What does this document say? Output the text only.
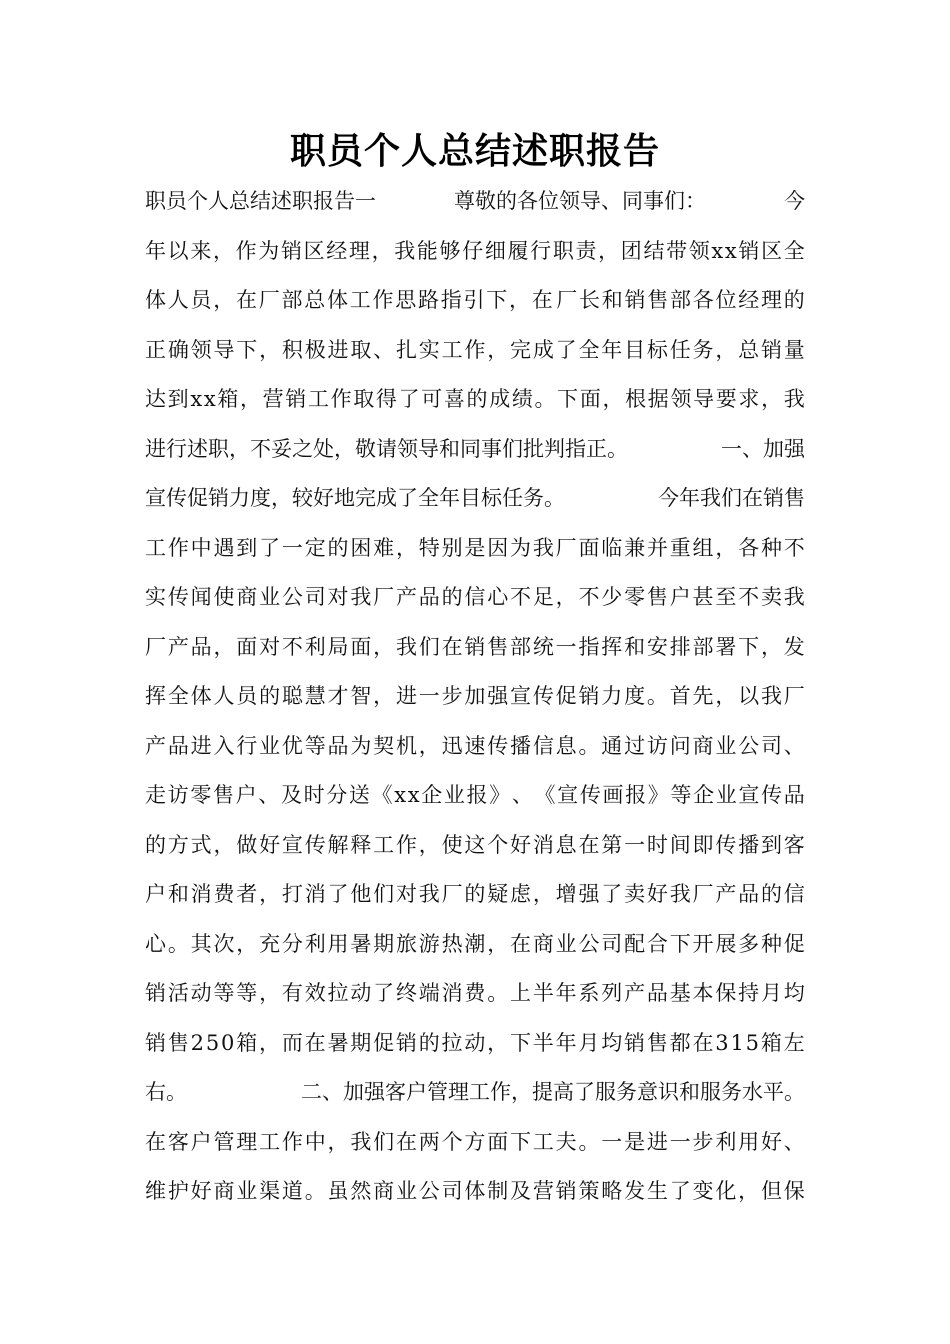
职员个人总结述职报告
职员个人总结述职报告一	尊敬的各位领导、同事们：	今
年 以 来 ， 作 为 销 区 经 理 ， 我 能 够 仔 细 履 行 职 责 ， 团 结 带 领 x x 销 区 全
体 人 员 ， 在 厂 部 总 体 工 作 思 路 指 引 下 ， 在 厂 长 和 销 售 部 各 位 经 理 的
正 确 领 导 下 ， 积 极 进 取 、 扎 实 工 作 ， 完 成 了 全 年 目 标 任 务 ， 总 销 量
达 到 x x 箱 ， 营 销 工 作 取 得 了 可 喜 的 成 绩 。 下 面 ， 根 据 领 导 要 求 ， 我
进行述职，不妥之处，敬请领导和同事们批判指正。	一、加强
宣传促销力度，较好地完成了全年目标任务。	今年我们在销售
工 作 中 遇 到 了 一 定 的 困 难 ， 特 别 是 因 为 我 厂 面 临 兼 并 重 组 ， 各 种 不
实 传 闻 使 商 业 公 司 对 我 厂 产 品 的 信 心 不 足 ， 不 少 零 售 户 甚 至 不 卖 我
厂 产 品 ， 面 对 不 利 局 面 ， 我 们 在 销 售 部 统 一 指 挥 和 安 排 部 署 下 ， 发
挥 全 体 人 员 的 聪 慧 才 智 ， 进 一 步 加 强 宣 传 促 销 力 度 。 首 先 ， 以 我 厂
产 品 进 入 行 业 优 等 品 为 契 机 ， 迅 速 传 播 信 息 。 通 过 访 问 商 业 公 司 、
走 访 零 售 户 、 及 时 分 送 《 x x 企 业 报 》 、 《 宣 传 画 报 》 等 企 业 宣 传 品
的 方 式 ， 做 好 宣 传 解 释 工 作 ， 使 这 个 好 消 息 在 第 一 时 间 即 传 播 到 客
户 和 消 费 者 ， 打 消 了 他 们 对 我 厂 的 疑 虑 ， 增 强 了 卖 好 我 厂 产 品 的 信
心 。 其 次 ， 充 分 利 用 暑 期 旅 游 热 潮 ， 在 商 业 公 司 配 合 下 开 展 多 种 促
销 活 动 等 等 ， 有 效 拉 动 了 终 端 消 费 。 上 半 年 系 列 产 品 基 本 保 持 月 均
销 售 2 5 0 箱 ， 而 在 暑 期 促 销 的 拉 动 ， 下 半 年 月 均 销 售 都 在 3 1 5 箱 左
右。	二、加强客户管理工作，提高了服务意识和服务水平。
在 客 户 管 理 工 作 中 ， 我 们 在 两 个 方 面 下 工 夫 。 一 是 进 一 步 利 用 好 、
维 护 好 商 业 渠 道 。 虽 然 商 业 公 司 体 制 及 营 销 策 略 发 生 了 变 化 ， 但 保
